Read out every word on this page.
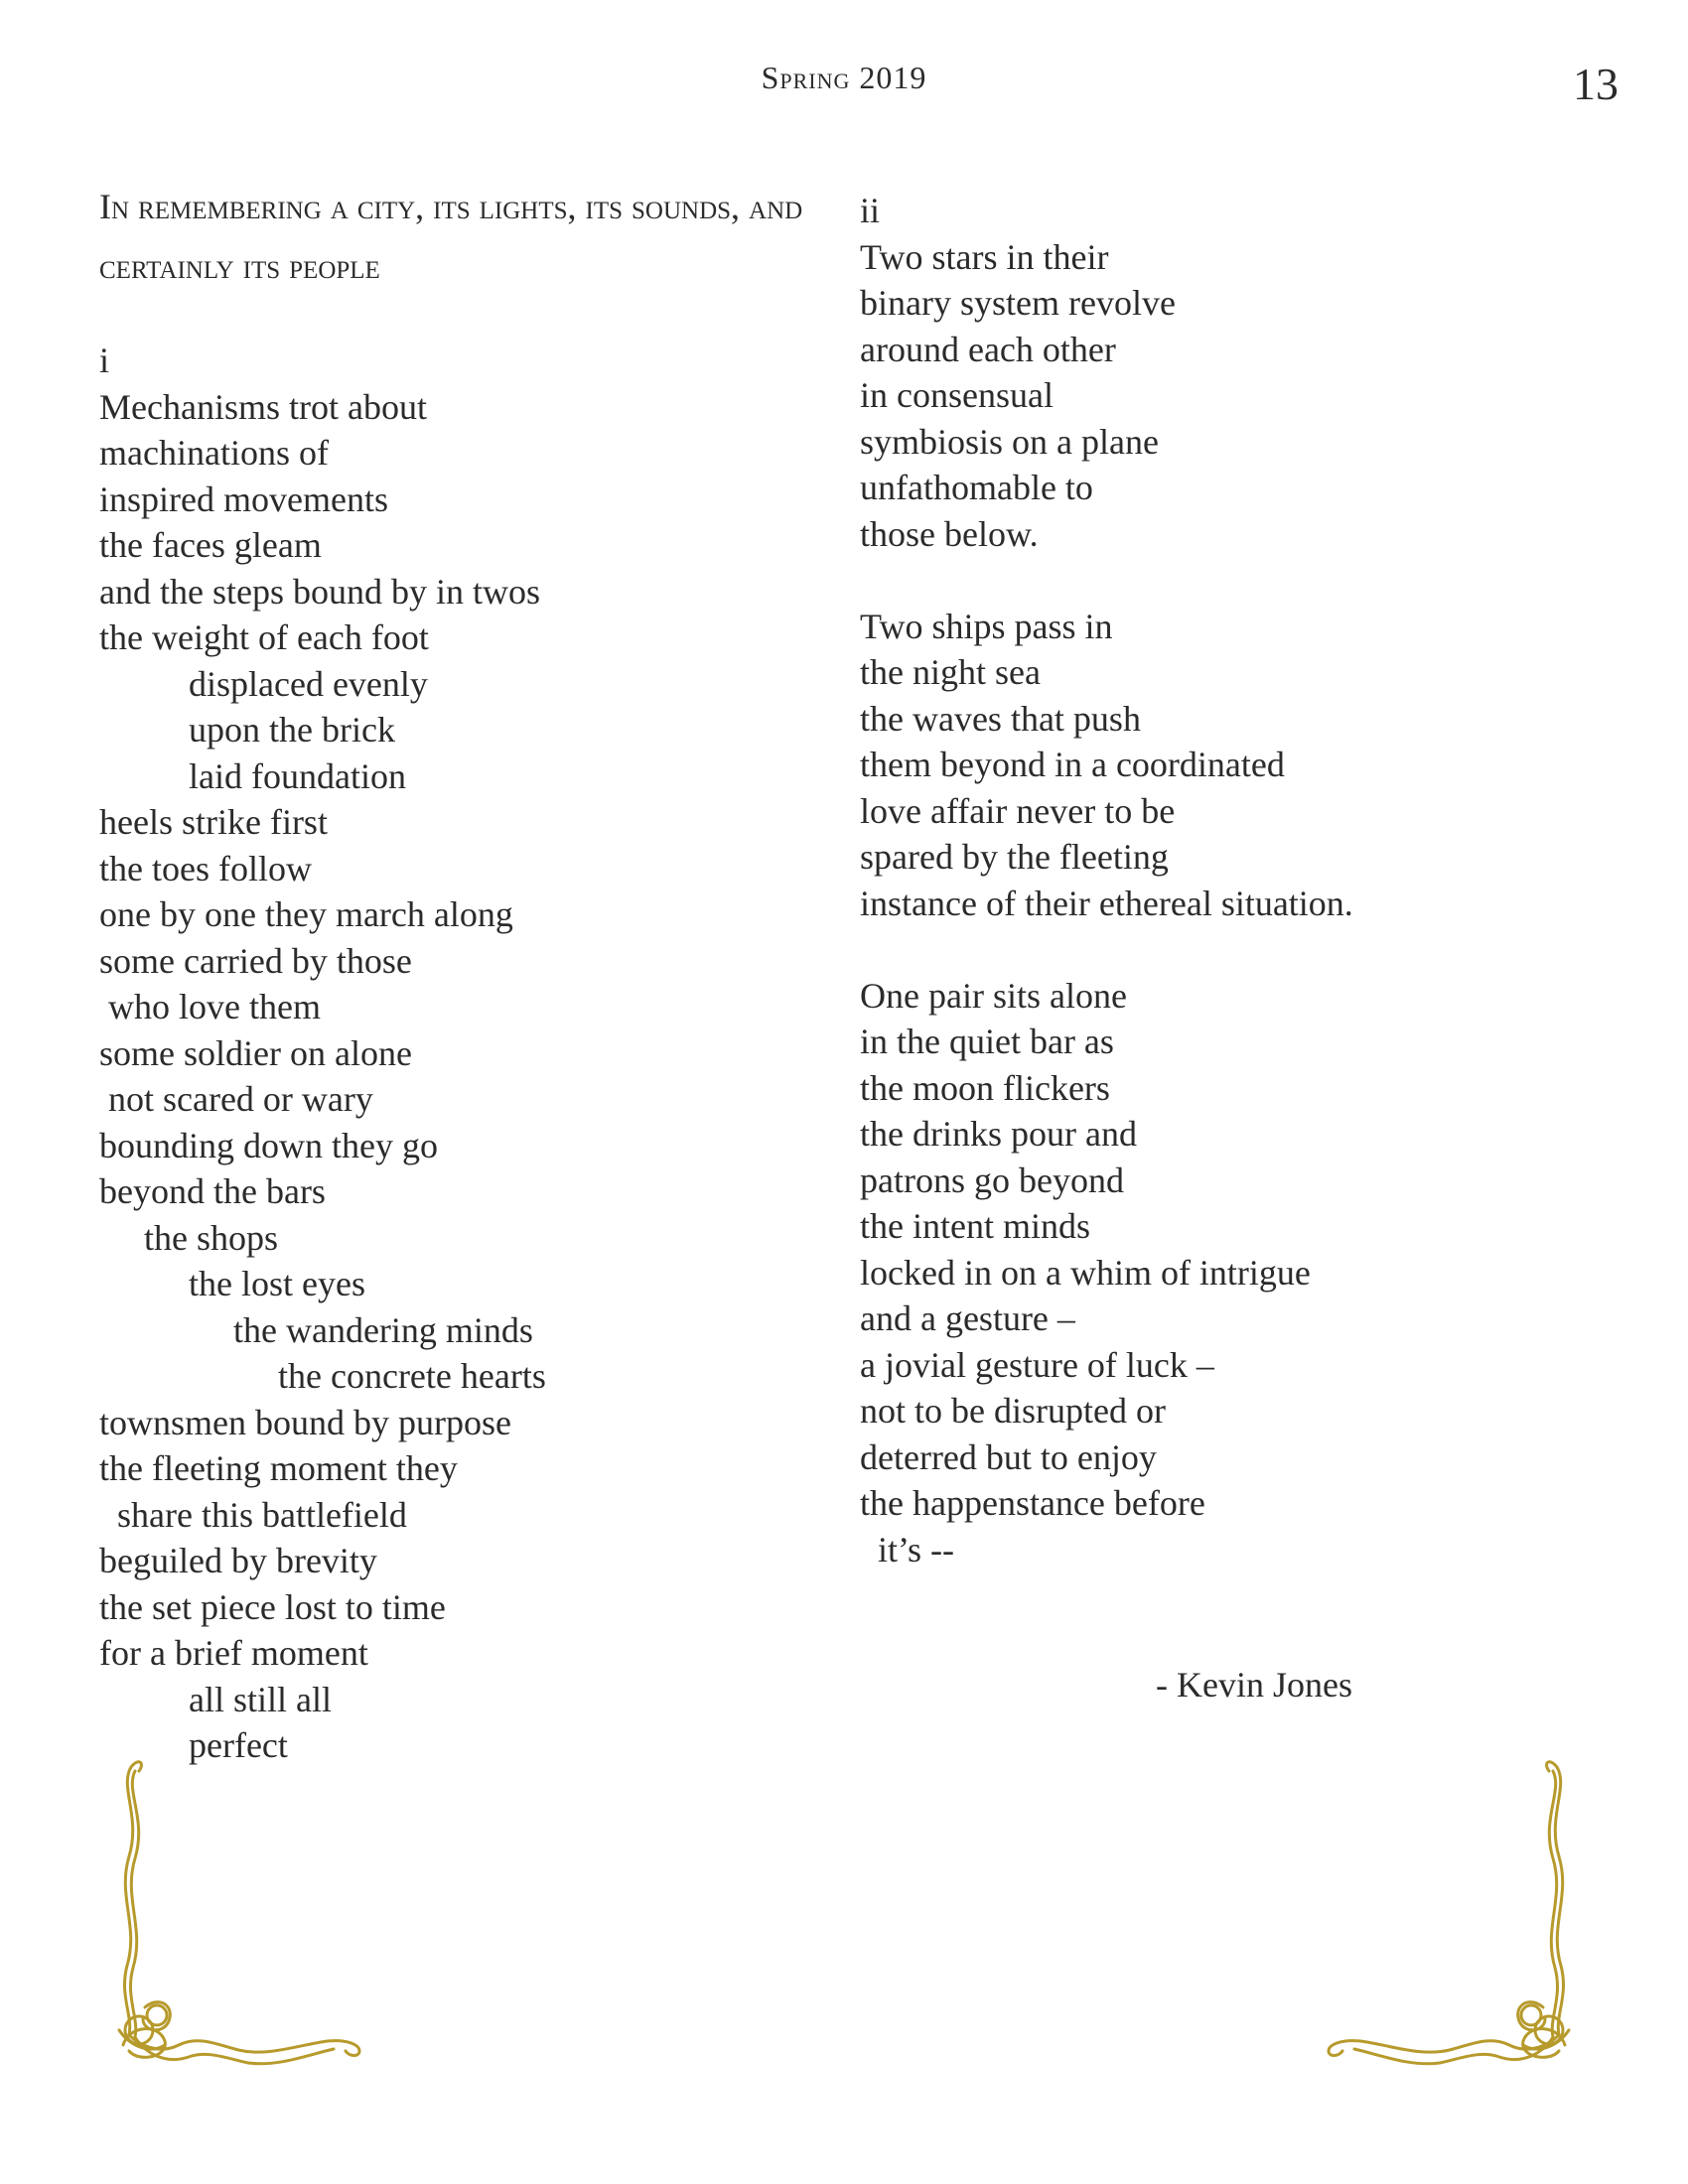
Spring 2019	13
In remembering a city, its lights, its sounds, and certainly its people
i
Mechanisms trot about
machinations of
inspired movements
the faces gleam
and the steps bound by in twos
the weight of each foot
displaced evenly
upon the brick
laid foundation
heels strike first
the toes follow
one by one they march along
some carried by those
who love them
some soldier on alone
not scared or wary
bounding down they go
beyond the bars
the shops
the lost eyes
the wandering minds
the concrete hearts
townsmen bound by purpose
the fleeting moment they
share this battlefield
beguiled by brevity
the set piece lost to time
for a brief moment
all still all
perfect
ii
Two stars in their
binary system revolve
around each other
in consensual
symbiosis on a plane
unfathomable to
those below.
Two ships pass in
the night sea
the waves that push
them beyond in a coordinated
love affair never to be
spared by the fleeting
instance of their ethereal situation.
One pair sits alone
in the quiet bar as
the moon flickers
the drinks pour and
patrons go beyond
the intent minds
locked in on a whim of intrigue
and a gesture –
a jovial gesture of luck –
not to be disrupted or
deterred but to enjoy
the happenstance before
it’s --
- Kevin Jones
